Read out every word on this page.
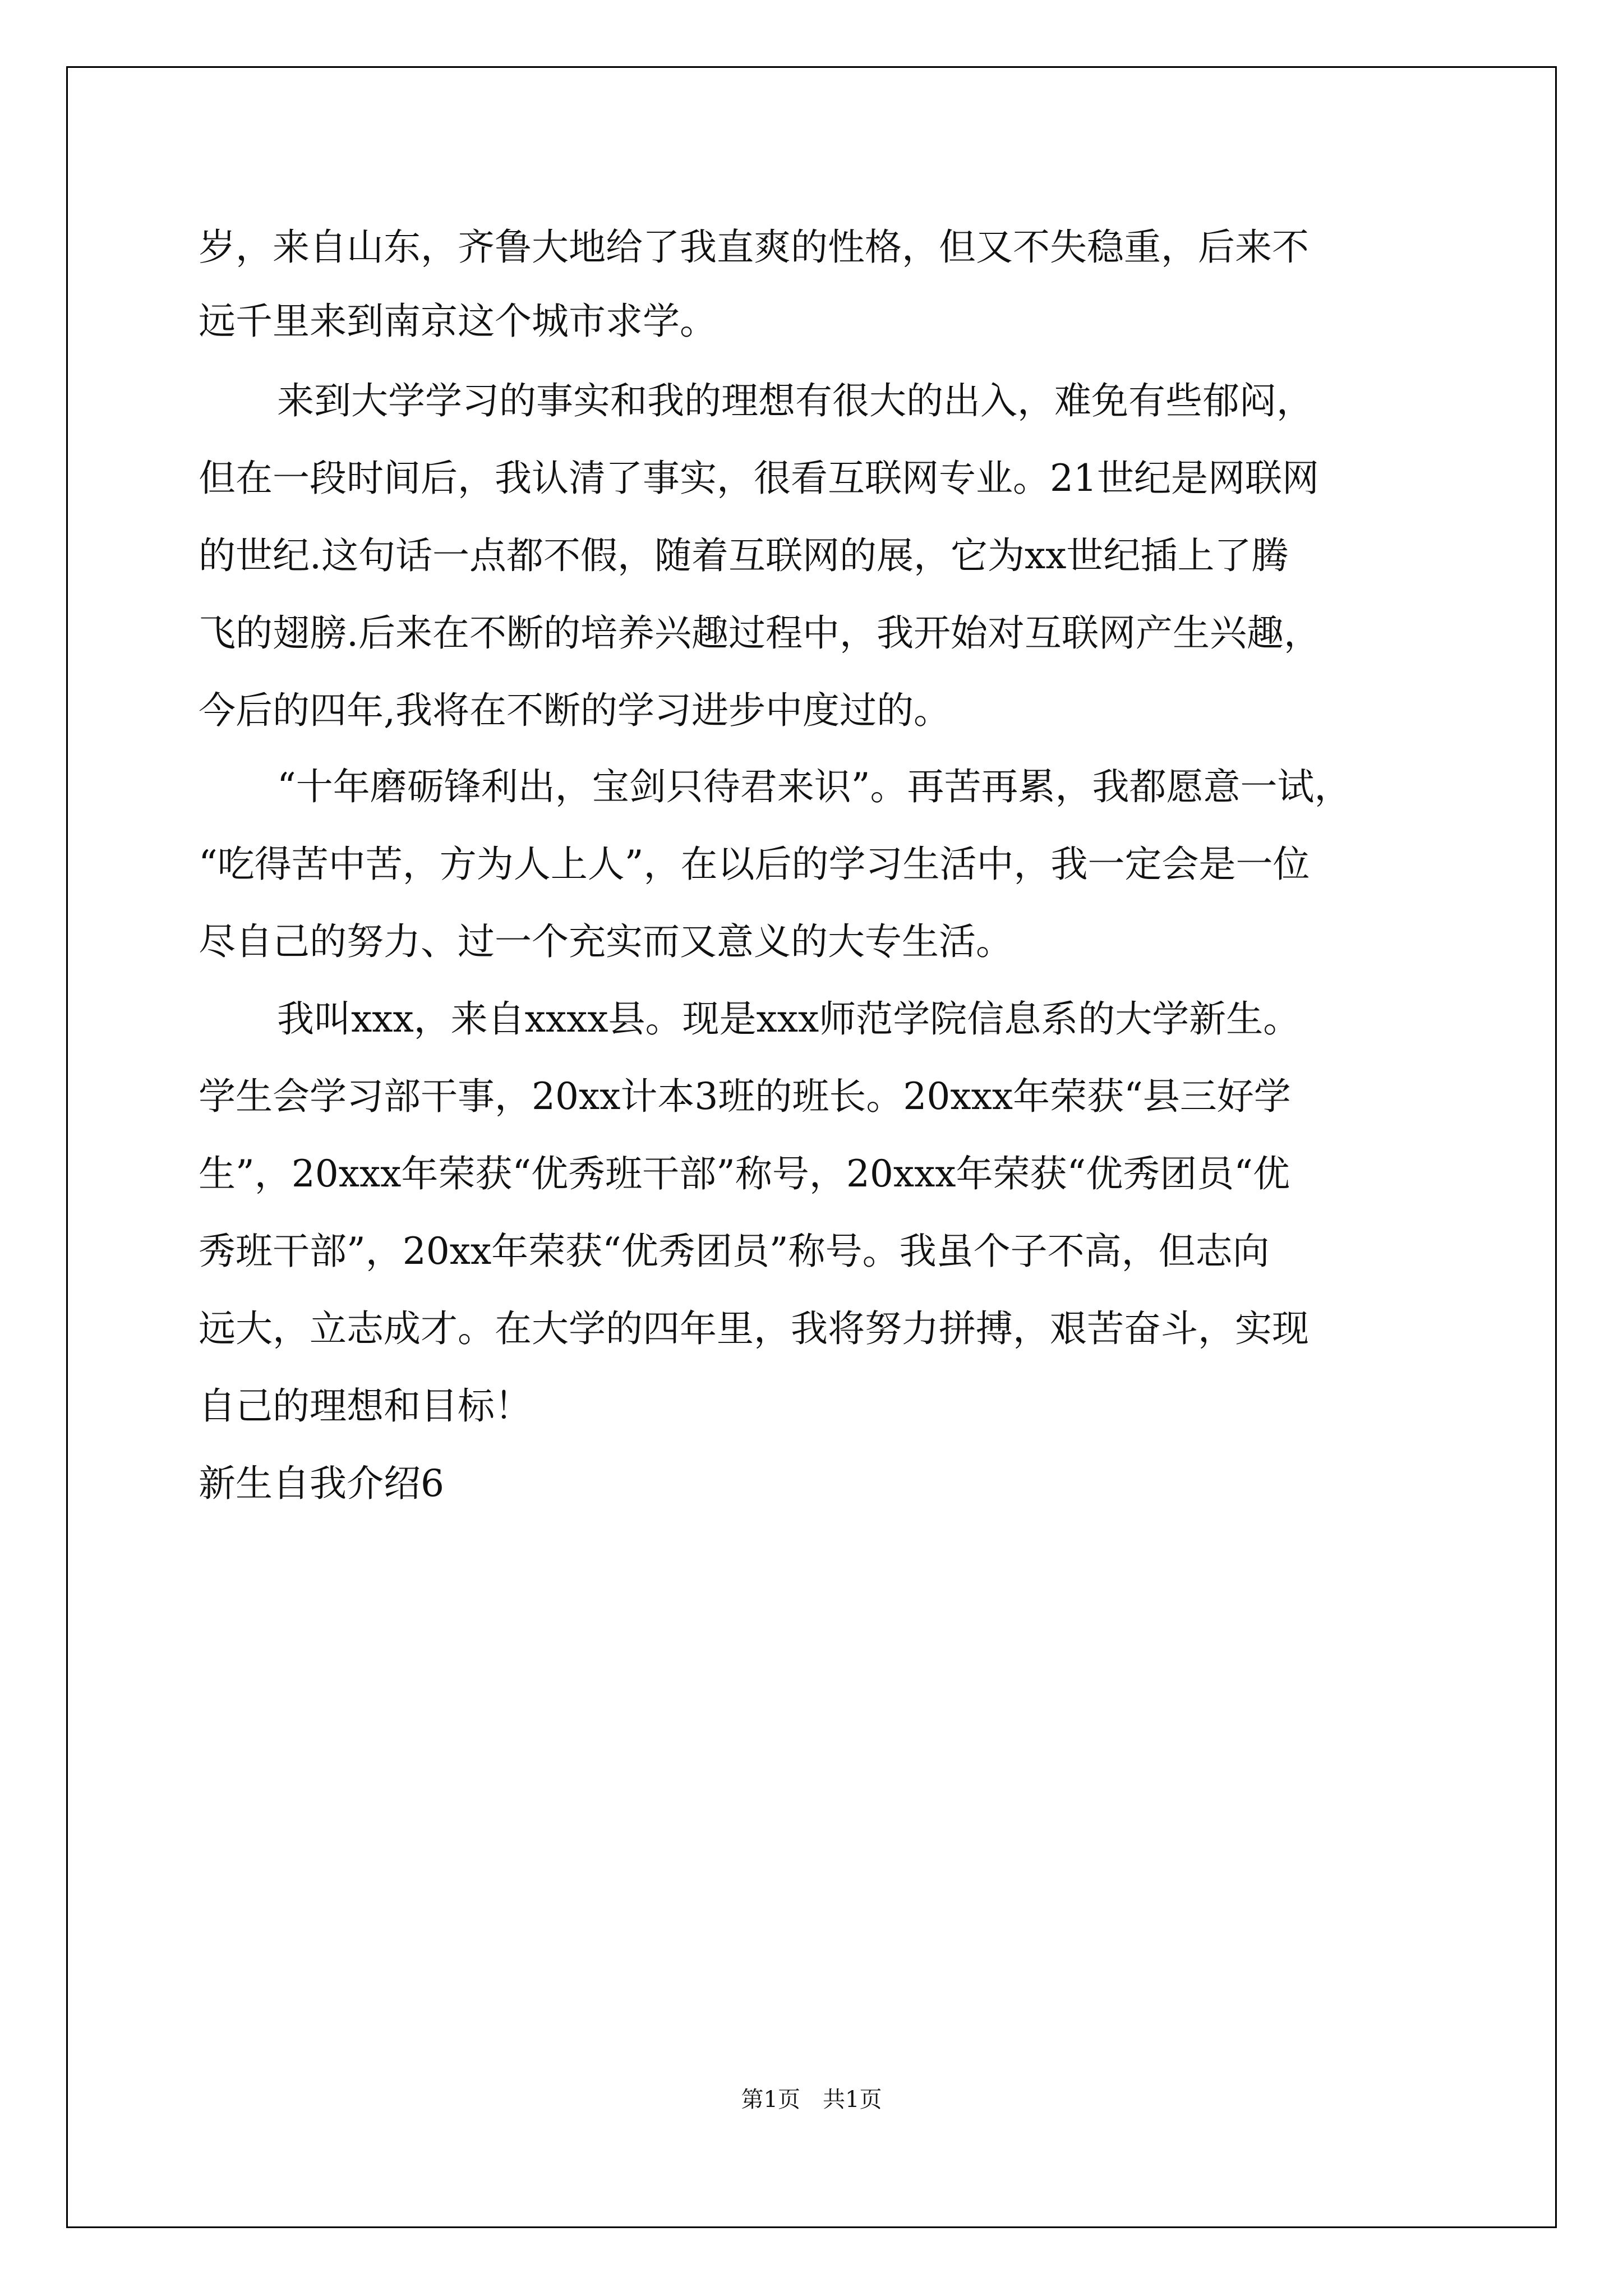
岁，来自山东，齐鲁大地给了我直爽的性格，但又不失稳重，后来不
远千里来到南京这个城市求学。
来到大学学习的事实和我的理想有很大的出入，难免有些郁闷，
但在一段时间后，我认清了事实，很看互联网专业。21世纪是网联网
的世纪.这句话一点都不假，随着互联网的展，它为xx世纪插上了腾
飞的翅膀.后来在不断的培养兴趣过程中，我开始对互联网产生兴趣，
今后的四年,我将在不断的学习进步中度过的。
“十年磨砺锋利出，宝剑只待君来识”。再苦再累，我都愿意一试，
“吃得苦中苦，方为人上人”，在以后的学习生活中，我一定会是一位
尽自己的努力、过一个充实而又意义的大专生活。
我叫xxx，来自xxxx县。现是xxx师范学院信息系的大学新生。
学生会学习部干事，20xx计本3班的班长。20xxx年荣获“县三好学
生”，20xxx年荣获“优秀班干部”称号，20xxx年荣获“优秀团员“优
秀班干部”，20xx年荣获“优秀团员”称号。我虽个子不高，但志向
远大，立志成才。在大学的四年里，我将努力拼搏，艰苦奋斗，实现
自己的理想和目标！
新生自我介绍6
第1页　共1页
